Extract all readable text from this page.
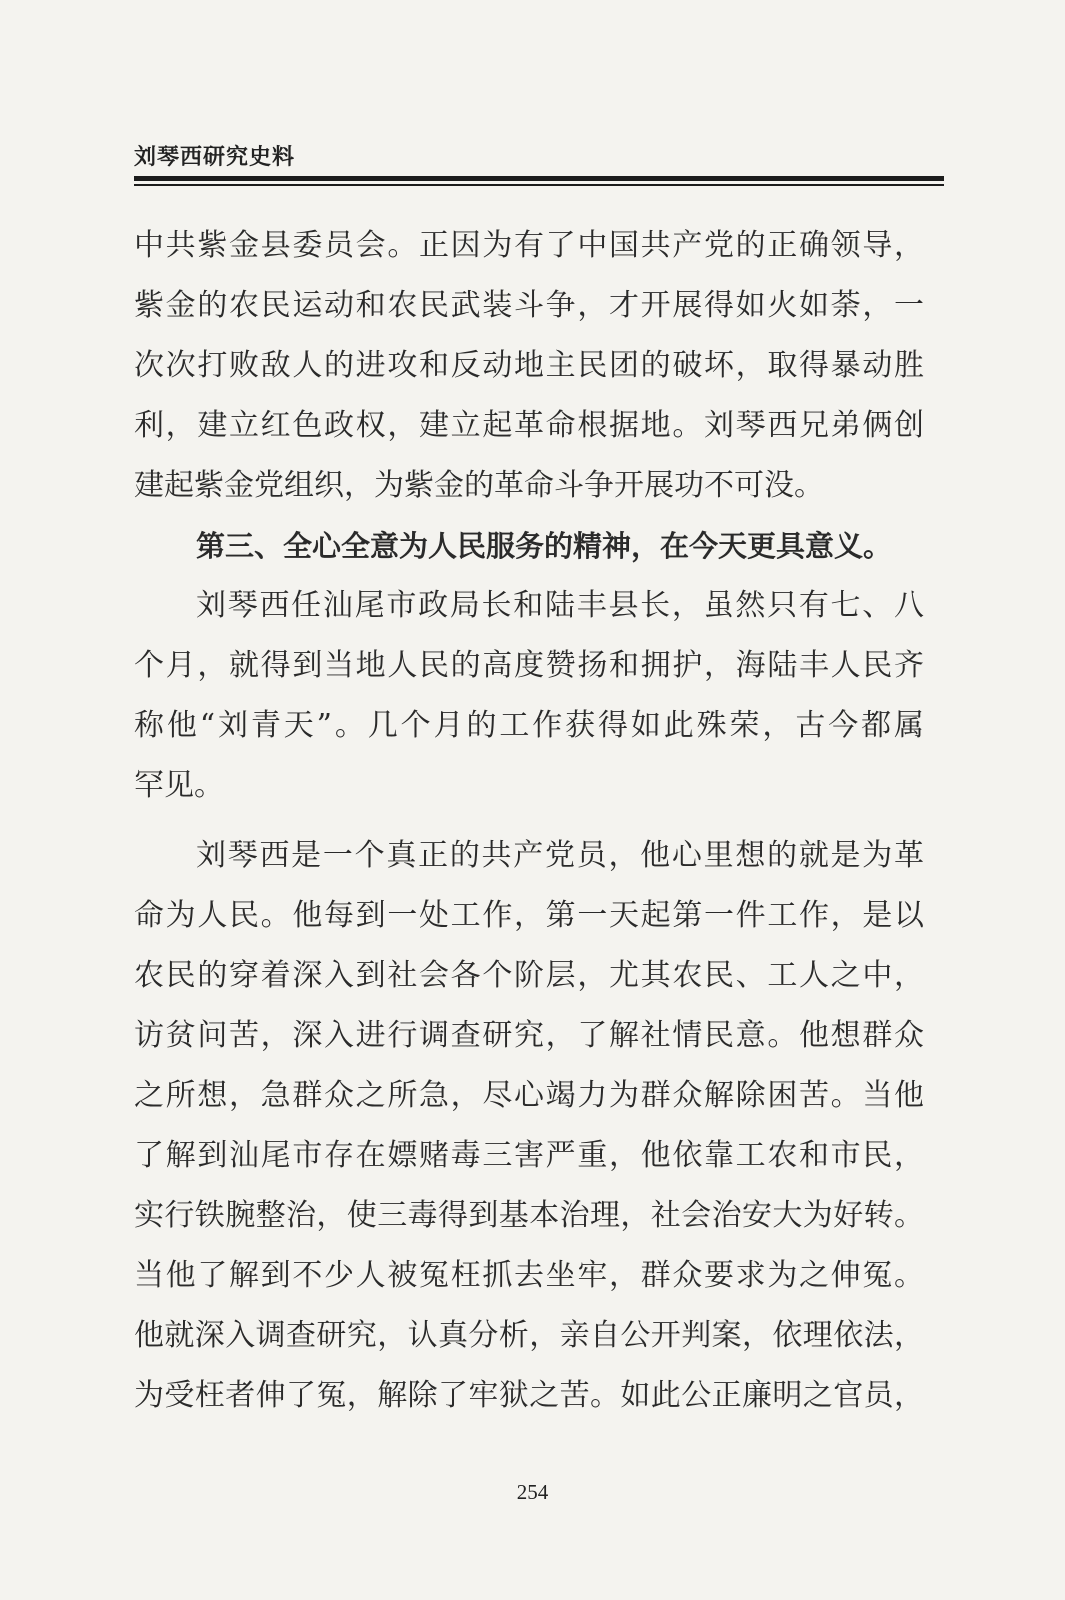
刘琴西研究史料
中共紫金县委员会。正因为有了中国共产党的正确领导，
紫金的农民运动和农民武装斗争，才开展得如火如荼，一
次次打败敌人的进攻和反动地主民团的破坏，取得暴动胜
利，建立红色政权，建立起革命根据地。刘琴西兄弟俩创
建起紫金党组织，为紫金的革命斗争开展功不可没。
第三、全心全意为人民服务的精神，在今天更具意义。
刘琴西任汕尾市政局长和陆丰县长，虽然只有七、八
个月，就得到当地人民的高度赞扬和拥护，海陆丰人民齐
称他“刘青天”。几个月的工作获得如此殊荣，古今都属
罕见。
刘琴西是一个真正的共产党员，他心里想的就是为革
命为人民。他每到一处工作，第一天起第一件工作，是以
农民的穿着深入到社会各个阶层，尤其农民、工人之中，
访贫问苦，深入进行调查研究，了解社情民意。他想群众
之所想，急群众之所急，尽心竭力为群众解除困苦。当他
了解到汕尾市存在嫖赌毒三害严重，他依靠工农和市民，
实行铁腕整治，使三毒得到基本治理，社会治安大为好转。
当他了解到不少人被冤枉抓去坐牢，群众要求为之伸冤。
他就深入调查研究，认真分析，亲自公开判案，依理依法，
为受枉者伸了冤，解除了牢狱之苦。如此公正廉明之官员，
254
